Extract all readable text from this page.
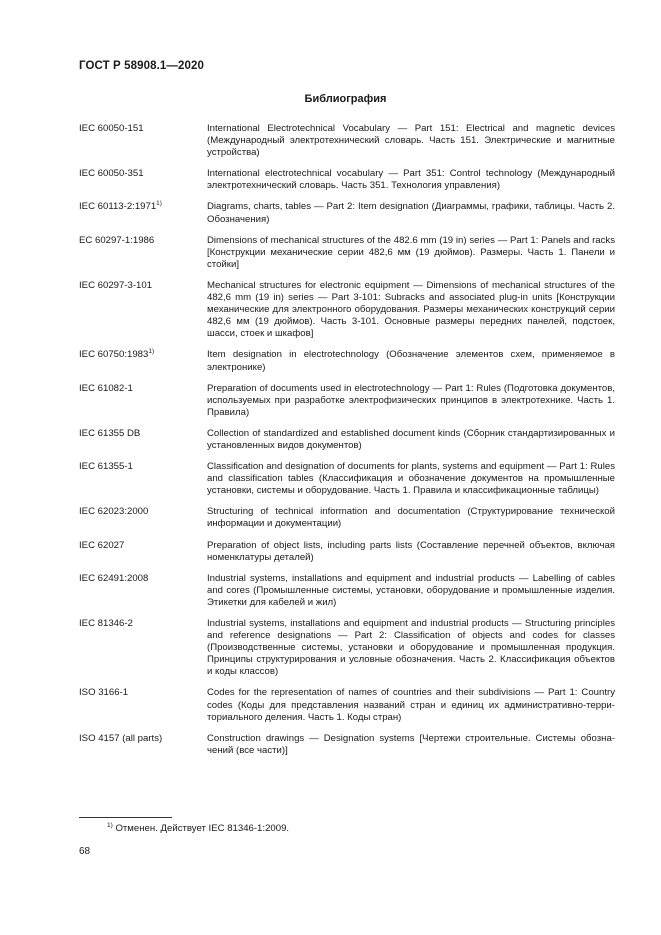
ГОСТ Р 58908.1—2020
Библиография
IEC 60050-151	International Electrotechnical Vocabulary — Part 151: Electrical and magnetic devices (Международный электротехнический словарь. Часть 151. Электрические и магнитные устройства)
IEC 60050-351	International electrotechnical vocabulary — Part 351: Control technology (Международный электротехнический словарь. Часть 351. Технология управления)
IEC 60113-2:1971$^{1)}$	Diagrams, charts, tables — Part 2: Item designation (Диаграммы, графики, таблицы. Часть 2. Обозначения)
EC 60297-1:1986	Dimensions of mechanical structures of the 482.6 mm (19 in) series — Part 1: Panels and racks [Конструкции механические серии 482,6 мм (19 дюймов). Размеры. Часть 1. Панели и стойки]
IEC 60297-3-101	Mechanical structures for electronic equipment — Dimensions of mechanical structures of the 482,6 mm (19 in) series — Part 3-101: Subracks and associated plug-in units [Конструкции механические для электронного оборудования. Размеры механических конструкций серии 482,6 мм (19 дюймов). Часть 3-101. Основные размеры передних панелей, подстоек, шасси, стоек и шкафов]
IEC 60750:1983$^{1)}$	Item designation in electrotechnology (Обозначение элементов схем, применяемое в электронике)
IEC 61082-1	Preparation of documents used in electrotechnology — Part 1: Rules (Подготовка документов, используемых при разработке электрофизических принципов в электротехнике. Часть 1. Правила)
IEC 61355 DB	Collection of standardized and established document kinds (Сборник стандартизированных и установленных видов документов)
IEC 61355-1	Classification and designation of documents for plants, systems and equipment — Part 1: Rules and classification tables (Классификация и обозначение документов на промышленные установки, системы и оборудование. Часть 1. Правила и классификационные таблицы)
IEC 62023:2000	Structuring of technical information and documentation (Структурирование технической информации и документации)
IEC 62027	Preparation of object lists, including parts lists (Составление перечней объектов, включая номенклатуры деталей)
IEC 62491:2008	Industrial systems, installations and equipment and industrial products — Labelling of cables and cores (Промышленные системы, установки, оборудование и промышленные изделия. Этикетки для кабелей и жил)
IEC 81346-2	Industrial systems, installations and equipment and industrial products — Structuring principles and reference designations — Part 2: Classification of objects and codes for classes (Производственные системы, установки и оборудование и промышленная продукция. Принципы структурирования и условные обозначения. Часть 2. Классификация объектов и коды классов)
ISO 3166-1	Codes for the representation of names of countries and their subdivisions — Part 1: Country codes (Коды для представления названий стран и единиц их административно-территориального деления. Часть 1. Коды стран)
ISO 4157 (all parts)	Construction drawings — Designation systems [Чертежи строительные. Системы обозначений (все части)]
$^{1)}$ Отменен. Действует IEC 81346-1:2009.
68
